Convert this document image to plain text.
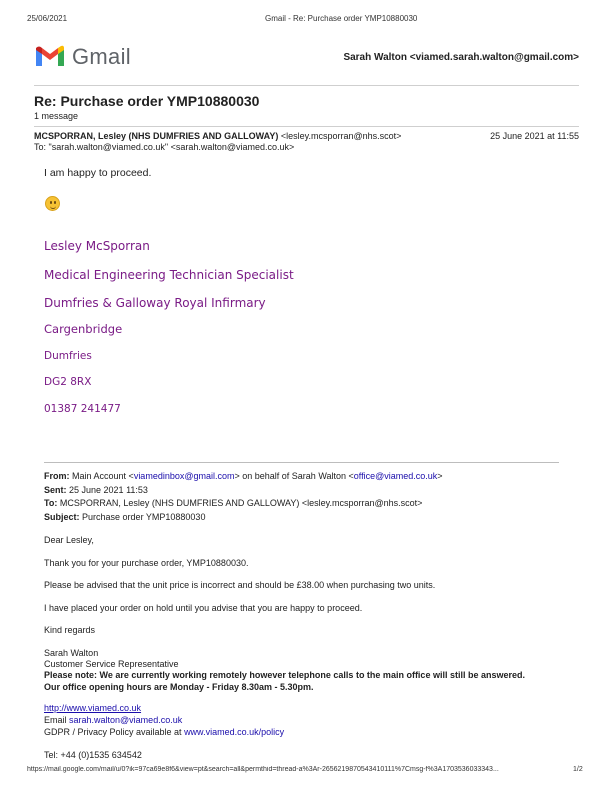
25/06/2021	Gmail - Re: Purchase order YMP10880030
Gmail	Sarah Walton <viamed.sarah.walton@gmail.com>
Re: Purchase order YMP10880030
1 message
MCSPORRAN, Lesley (NHS DUMFRIES AND GALLOWAY) <lesley.mcsporran@nhs.scot>	25 June 2021 at 11:55
To: "sarah.walton@viamed.co.uk" <sarah.walton@viamed.co.uk>
I am happy to proceed.
Lesley McSporran
Medical Engineering Technician Specialist
Dumfries & Galloway Royal Infirmary
Cargenbridge
Dumfries
DG2 8RX
01387 241477
From: Main Account <viamedinbox@gmail.com> on behalf of Sarah Walton <office@viamed.co.uk>
Sent: 25 June 2021 11:53
To: MCSPORRAN, Lesley (NHS DUMFRIES AND GALLOWAY) <lesley.mcsporran@nhs.scot>
Subject: Purchase order YMP10880030
Dear Lesley,
Thank you for your purchase order, YMP10880030.
Please be advised that the unit price is incorrect and should be £38.00 when purchasing two units.
I have placed your order on hold until you advise that you are happy to proceed.
Kind regards
Sarah Walton
Customer Service Representative
Please note: We are currently working remotely however telephone calls to the main office will still be answered.
Our office opening hours are Monday - Friday 8.30am - 5.30pm.
http://www.viamed.co.uk
Email sarah.walton@viamed.co.uk
GDPR / Privacy Policy available at www.viamed.co.uk/policy
Tel: +44 (0)1535 634542
https://mail.google.com/mail/u/0?ik=97ca69e8f6&view=pt&search=all&permthid=thread-a%3Ar-2656219870543410111%7Cmsg-f%3A1703536033343...	1/2
